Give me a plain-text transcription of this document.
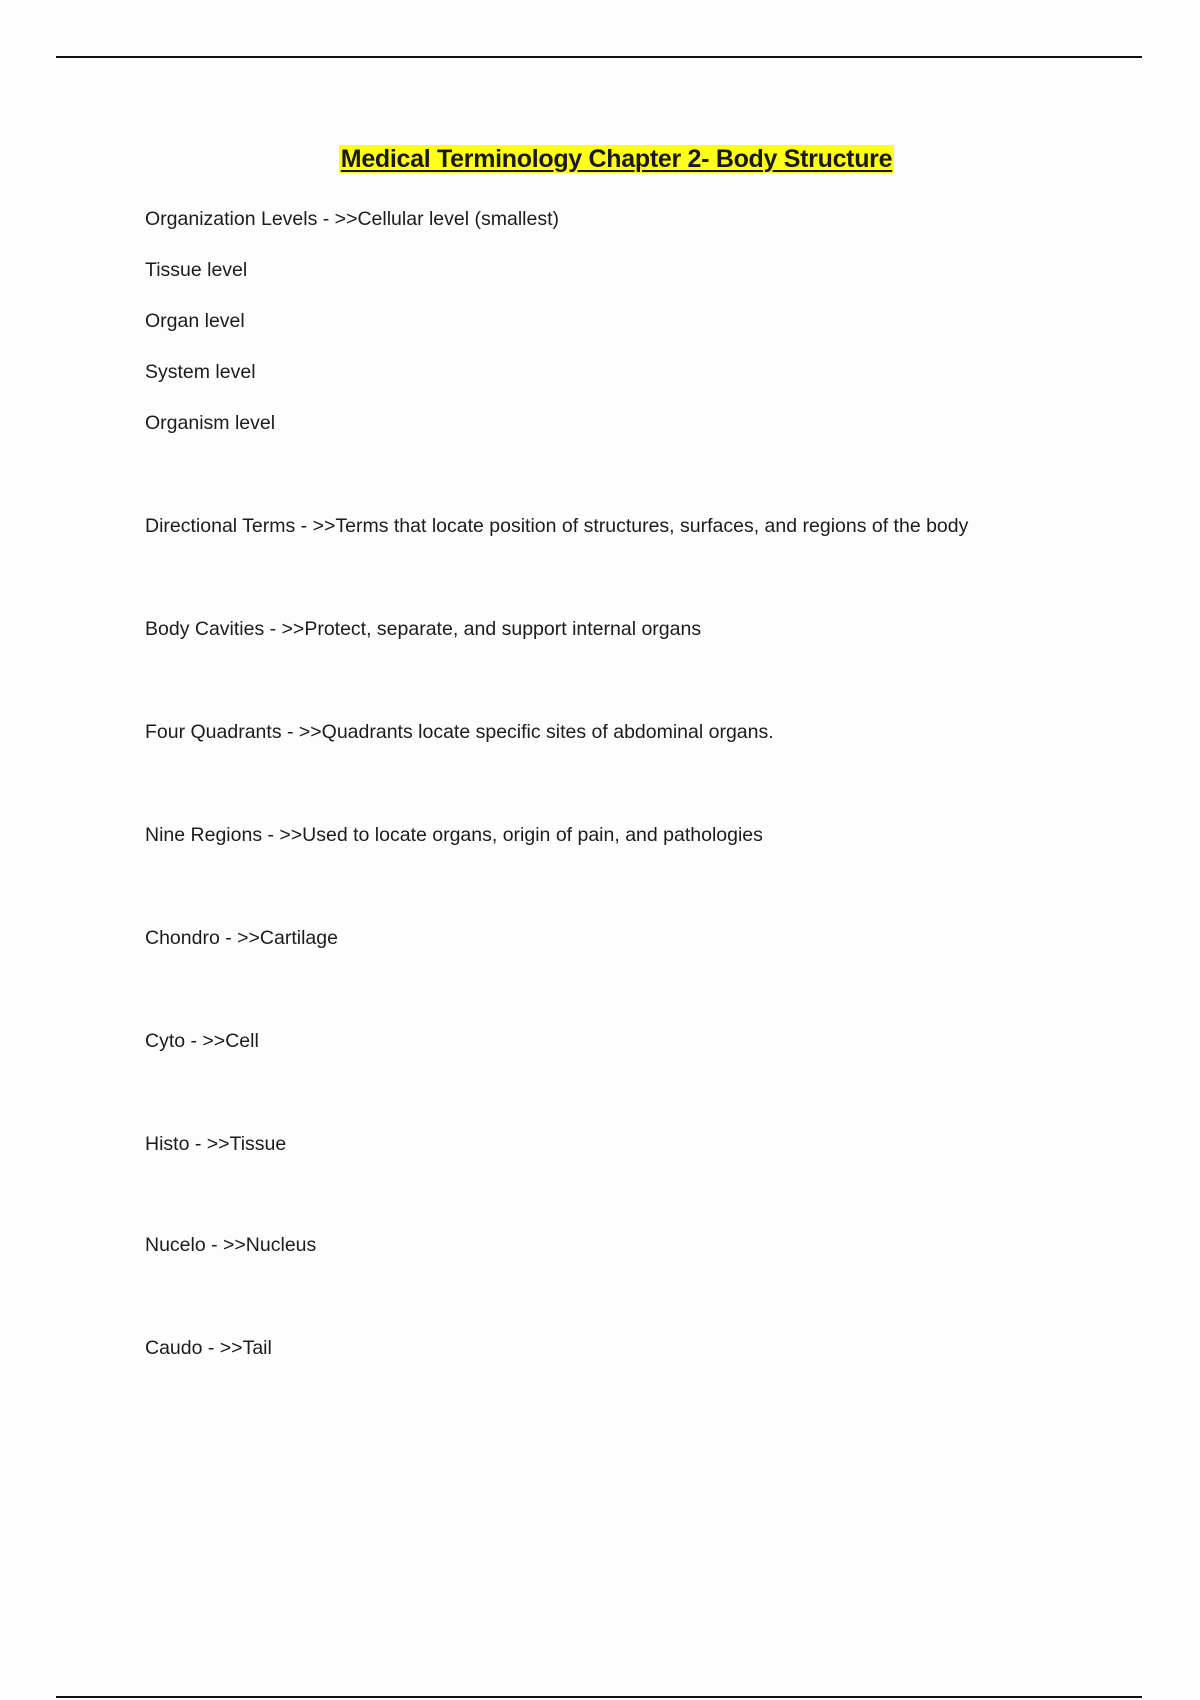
Medical Terminology Chapter 2- Body Structure

Organization Levels - >>Cellular level (smallest)

Tissue level

Organ level

System level

Organism level

Directional Terms - >>Terms that locate position of structures, surfaces, and regions of the body

Body Cavities - >>Protect, separate, and support internal organs

Four Quadrants - >>Quadrants locate specific sites of abdominal organs.

Nine Regions - >>Used to locate organs, origin of pain, and pathologies

Chondro - >>Cartilage

Cyto - >>Cell

Histo - >>Tissue

Nucelo - >>Nucleus

Caudo - >>Tail
